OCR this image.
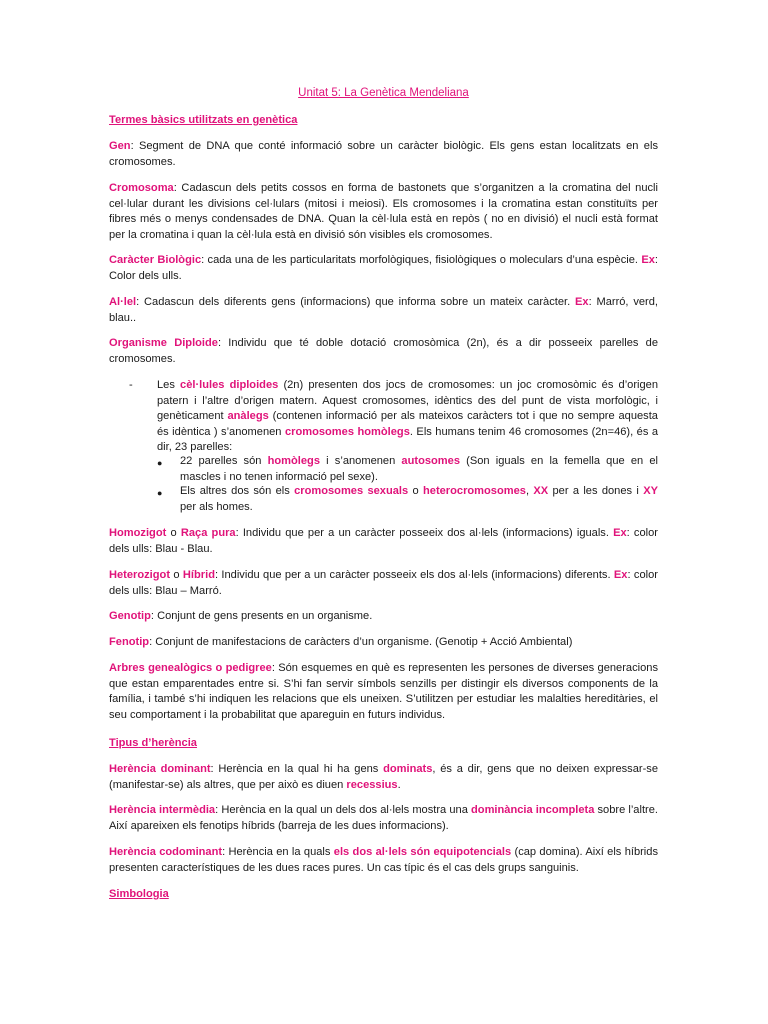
Unitat 5: La Genètica Mendeliana
Termes bàsics utilitzats en genètica
Gen: Segment de DNA que conté informació sobre un caràcter biològic. Els gens estan localitzats en els cromosomes.
Cromosoma: Cadascun dels petits cossos en forma de bastonets que s’organitzen a la cromatina del nucli cel·lular durant les divisions cel·lulars (mitosi i meiosi). Els cromosomes i la cromatina estan constituïts per fibres més o menys condensades de DNA. Quan la cèl·lula està en repòs ( no en divisió) el nucli està format per la cromatina i quan la cèl·lula està en divisió són visibles els cromosomes.
Caràcter Biològic: cada una de les particularitats morfològiques, fisiològiques o moleculars d’una espècie. Ex: Color dels ulls.
Al·lel: Cadascun dels diferents gens (informacions) que informa sobre un mateix caràcter. Ex: Marró, verd, blau..
Organisme Diploide: Individu que té doble dotació cromosòmica (2n), és a dir posseeix parelles de cromosomes.
- Les cèl·lules diploides (2n) presenten dos jocs de cromosomes: un joc cromosòmic és d’origen patern i l’altre d’origen matern. Aquest cromosomes, idèntics des del punt de vista morfològic, i genèticament anàlegs (contenen informació per als mateixos caràcters tot i que no sempre aquesta és idèntica ) s’anomenen cromosomes homòlegs. Els humans tenim 46 cromosomes (2n=46), és a dir, 23 parelles:
● 22 parelles són homòlegs i s’anomenen autosomes (Son iguals en la femella que en el mascles i no tenen informació pel sexe).
● Els altres dos són els cromosomes sexuals o heterocromosomes, XX per a les dones i XY per als homes.
Homozigot o Raça pura: Individu que per a un caràcter posseeix dos al·lels (informacions) iguals. Ex: color dels ulls: Blau - Blau.
Heterozigot o Híbrid: Individu que per a un caràcter posseeix els dos al·lels (informacions) diferents. Ex: color dels ulls: Blau – Marró.
Genotip: Conjunt de gens presents en un organisme.
Fenotip: Conjunt de manifestacions de caràcters d’un organisme. (Genotip + Acció Ambiental)
Arbres genealògics o pedigree: Són esquemes en què es representen les persones de diverses generacions que estan emparentades entre si. S’hi fan servir símbols senzills per distingir els diversos components de la família, i també s’hi indiquen les relacions que els uneixen. S’utilitzen per estudiar les malalties hereditàries, el seu comportament i la probabilitat que apareguin en futurs individus.
Tipus d’herència
Herència dominant: Herència en la qual hi ha gens dominats, és a dir, gens que no deixen expressar-se (manifestar-se) als altres, que per això es diuen recessius.
Herència intermèdia: Herència en la qual un dels dos al·lels mostra una dominància incompleta sobre l’altre. Així apareixen els fenotips híbrids (barreja de les dues informacions).
Herència codominant: Herència en la quals els dos al·lels són equipotencials (cap domina). Així els híbrids presenten característiques de les dues races pures. Un cas típic és el cas dels grups sanguinis.
Simbologia
